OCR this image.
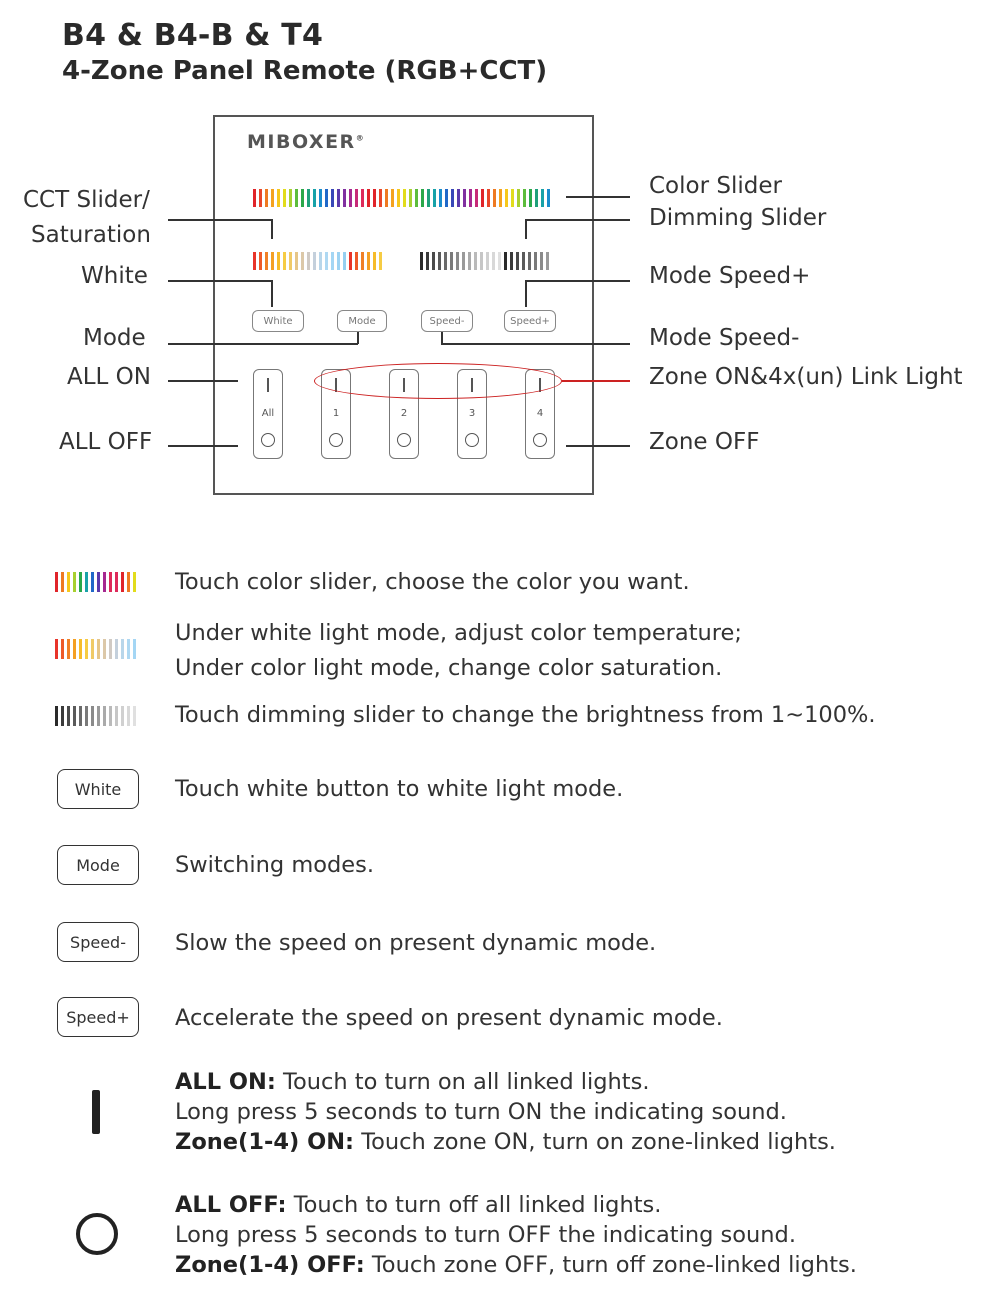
B4 & B4-B & T4
4-Zone Panel Remote (RGB+CCT)
MIBOXER®
White	Mode	Speed-	Speed+
All	1	2	3	4
CCT Slider/
Saturation
White
Mode
ALL ON
ALL OFF
Color Slider
Dimming Slider
Mode Speed+
Mode Speed-
Zone ON&4x(un) Link Light
Zone OFF
Touch color slider, choose the color you want.
Under white light mode, adjust color temperature;
Under color light mode, change color saturation.
Touch dimming slider to change the brightness from 1~100%.
White	Touch white button to white light mode.
Mode	Switching modes.
Speed-	Slow the speed on present dynamic mode.
Speed+	Accelerate the speed on present dynamic mode.
ALL ON: Touch to turn on all linked lights.
Long press 5 seconds to turn ON the indicating sound.
Zone(1-4) ON: Touch zone ON, turn on zone-linked lights.
ALL OFF: Touch to turn off all linked lights.
Long press 5 seconds to turn OFF the indicating sound.
Zone(1-4) OFF: Touch zone OFF, turn off zone-linked lights.
